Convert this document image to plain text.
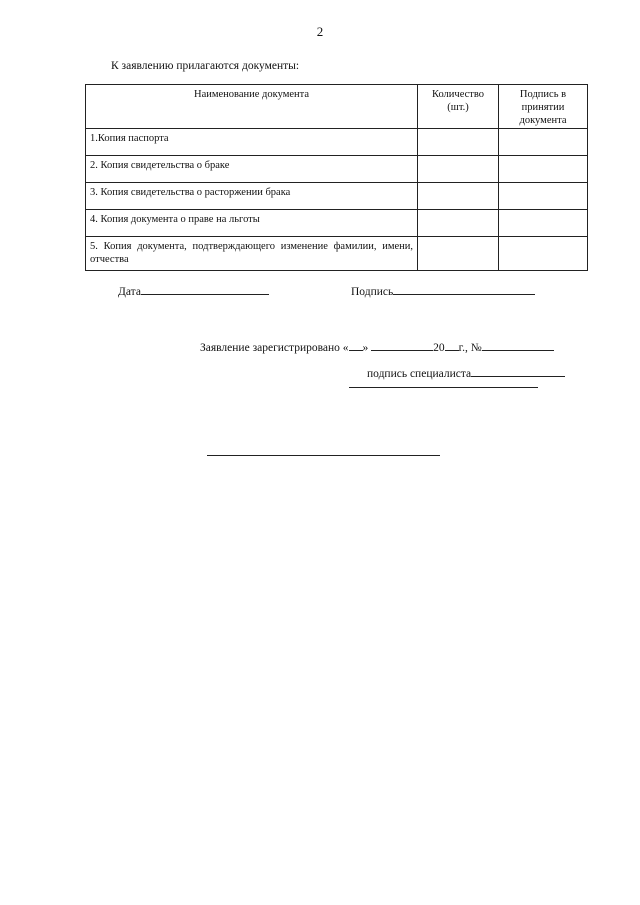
2
К заявлению прилагаются документы:
Наименование документа	Количество (шт.)	Подпись в принятии документа
1.Копия паспорта		
2. Копия свидетельства о браке		
3. Копия свидетельства о расторжении брака		
4. Копия документа о праве на льготы		
5. Копия документа, подтверждающего изменение фамилии, имени, отчества		
Дата	Подпись
Заявление зарегистрировано « »	20 г., №
подпись специалиста
